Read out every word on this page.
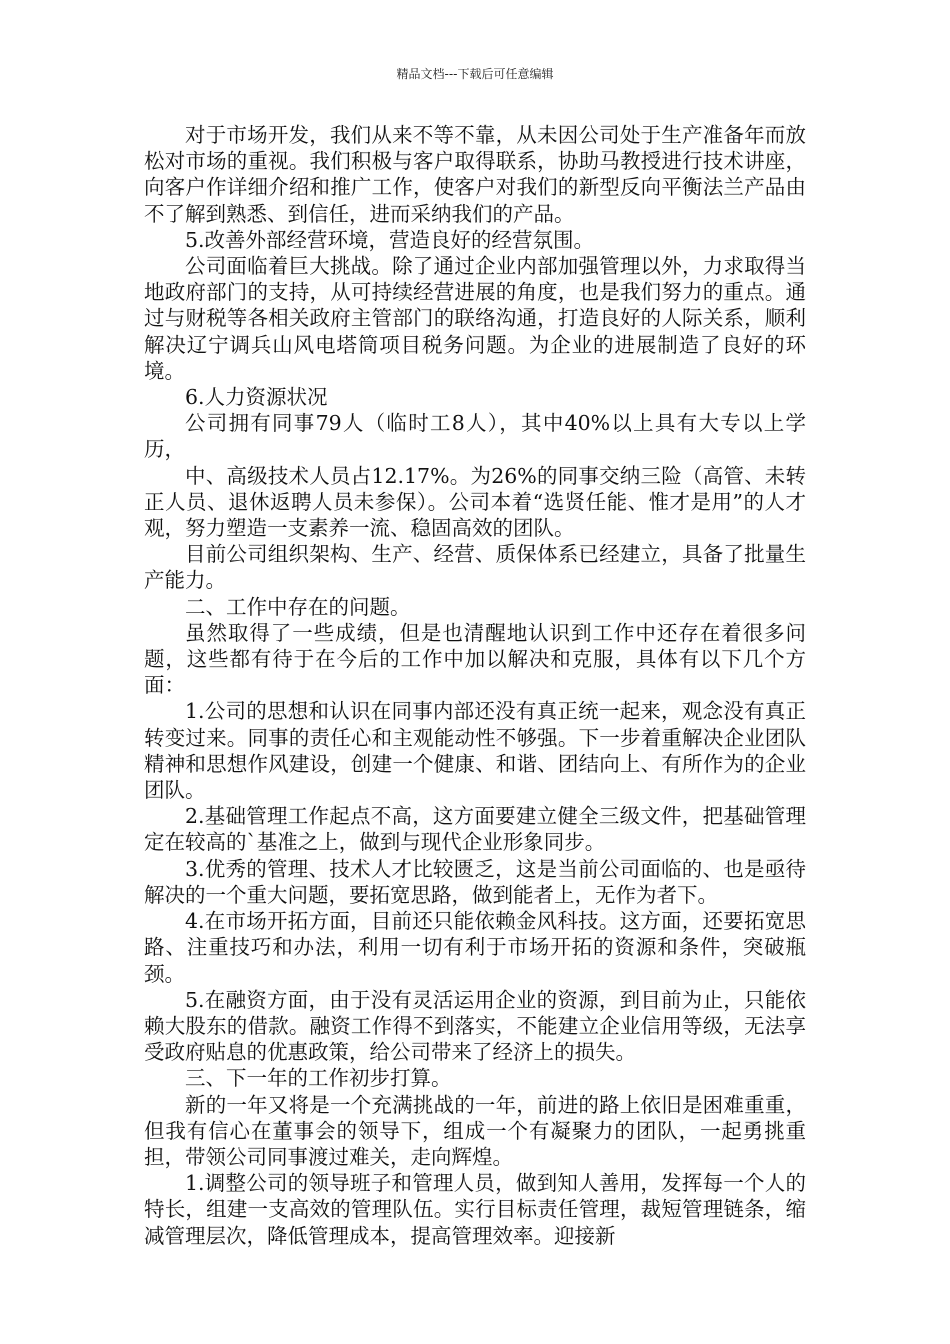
精品文档---下载后可任意编辑

对于市场开发，我们从来不等不靠，从未因公司处于生产准备年而放松对市场的重视。我们积极与客户取得联系，协助马教授进行技术讲座，向客户作详细介绍和推广工作，使客户对我们的新型反向平衡法兰产品由不了解到熟悉、到信任，进而采纳我们的产品。

5.改善外部经营环境，营造良好的经营氛围。

公司面临着巨大挑战。除了通过企业内部加强管理以外，力求取得当地政府部门的支持，从可持续经营进展的角度，也是我们努力的重点。通过与财税等各相关政府主管部门的联络沟通，打造良好的人际关系，顺利解决辽宁调兵山风电塔筒项目税务问题。为企业的进展制造了良好的环境。

6.人力资源状况

公司拥有同事79人（临时工8人），其中40%以上具有大专以上学历，

中、高级技术人员占12.17%。为26%的同事交纳三险（高管、未转正人员、退休返聘人员未参保）。公司本着“选贤任能、惟才是用”的人才观，努力塑造一支素养一流、稳固高效的团队。

目前公司组织架构、生产、经营、质保体系已经建立，具备了批量生产能力。

二、工作中存在的问题。

虽然取得了一些成绩，但是也清醒地认识到工作中还存在着很多问题，这些都有待于在今后的工作中加以解决和克服，具体有以下几个方面：

1.公司的思想和认识在同事内部还没有真正统一起来，观念没有真正转变过来。同事的责任心和主观能动性不够强。下一步着重解决企业团队精神和思想作风建设，创建一个健康、和谐、团结向上、有所作为的企业团队。

2.基础管理工作起点不高，这方面要建立健全三级文件，把基础管理定在较高的`基准之上，做到与现代企业形象同步。

3.优秀的管理、技术人才比较匮乏，这是当前公司面临的、也是亟待解决的一个重大问题，要拓宽思路，做到能者上，无作为者下。

4.在市场开拓方面，目前还只能依赖金风科技。这方面，还要拓宽思路、注重技巧和办法，利用一切有利于市场开拓的资源和条件，突破瓶颈。

5.在融资方面，由于没有灵活运用企业的资源，到目前为止，只能依赖大股东的借款。融资工作得不到落实，不能建立企业信用等级，无法享受政府贴息的优惠政策，给公司带来了经济上的损失。

三、下一年的工作初步打算。

新的一年又将是一个充满挑战的一年，前进的路上依旧是困难重重，但我有信心在董事会的领导下，组成一个有凝聚力的团队，一起勇挑重担，带领公司同事渡过难关，走向辉煌。

1.调整公司的领导班子和管理人员，做到知人善用，发挥每一个人的特长，组建一支高效的管理队伍。实行目标责任管理，裁短管理链条，缩减管理层次，降低管理成本，提高管理效率。迎接新
